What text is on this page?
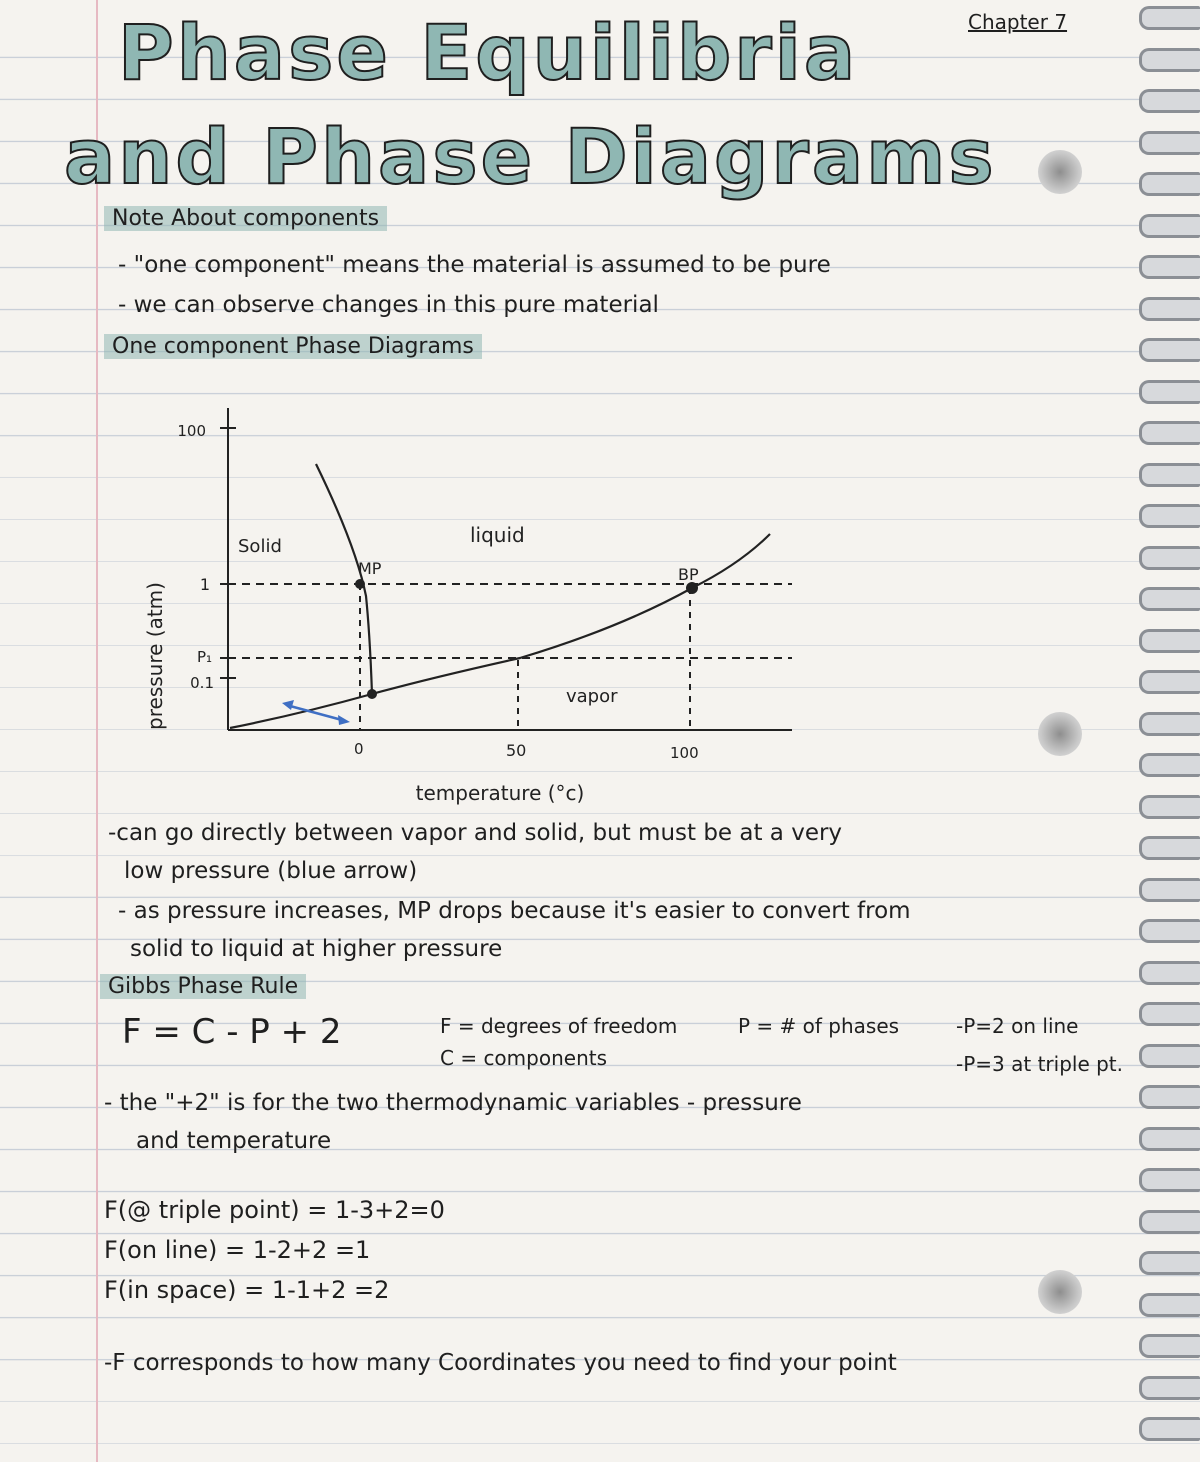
Chapter 7
Phase Equilibria
and Phase Diagrams
Note About components
- "one component" means the material is assumed to be pure
- we can observe changes in this pure material
One component Phase Diagrams
pressure (atm)
100
1
P₁
0.1
Solid	liquid
vapor
MP	BP
0	50	100
temperature (°c)
-can go directly between vapor and solid, but must be at a very
low pressure (blue arrow)
- as pressure increases, MP drops because it's easier to convert from
solid to liquid at higher pressure
Gibbs Phase Rule
F = C - P + 2	F = degrees of freedom
C = components
P = # of phases	-P=2 on line
-P=3 at triple pt.
- the "+2" is for the two thermodynamic variables - pressure
and temperature
F(@ triple point) = 1-3+2=0
F(on line) = 1-2+2 =1
F(in space) = 1-1+2 =2
-F corresponds to how many Coordinates you need to find your point
